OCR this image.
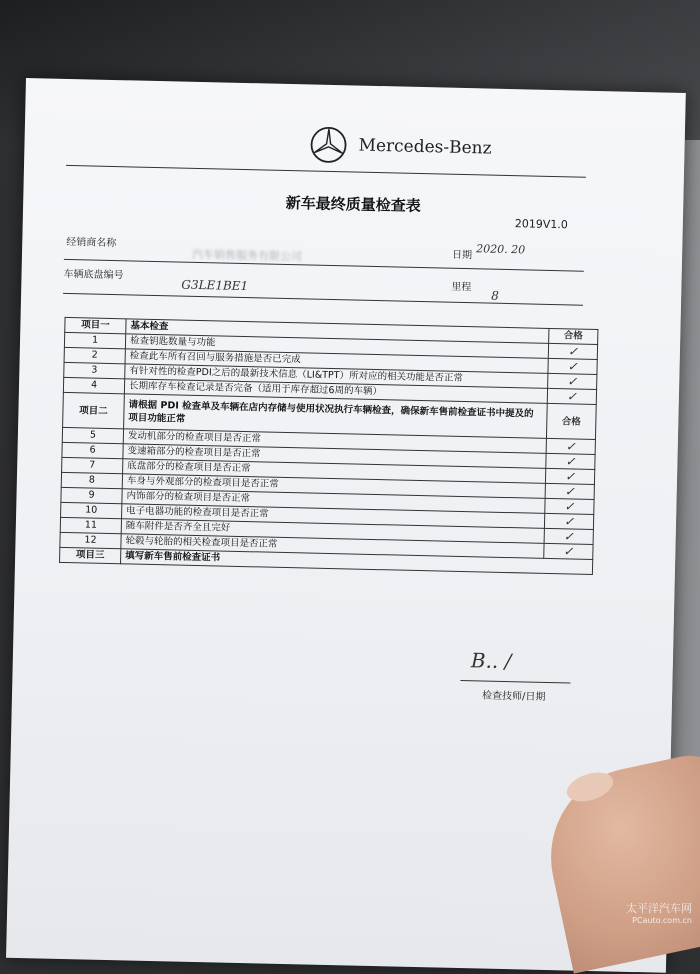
Mercedes-Benz
新车最终质量检查表
2019V1.0
经销商名称
汽车销售服务有限公司	日期 2020. 20
车辆底盘编号
G3LE1BE1	里程
8
项目一	基本检查	合格
1	检查钥匙数量与功能	✓
2	检查此车所有召回与服务措施是否已完成	✓
3	有针对性的检查PDI之后的最新技术信息（LI&TPT）所对应的相关功能是否正常	✓
4	长期库存车检查记录是否完备（适用于库存超过6周的车辆）	✓
项目二	请根据 PDI 检查单及车辆在店内存储与使用状况执行车辆检查，确保新车售前检查证书中提及的项目功能正常	合格
5	发动机部分的检查项目是否正常	✓
6	变速箱部分的检查项目是否正常	✓
7	底盘部分的检查项目是否正常	✓
8	车身与外观部分的检查项目是否正常	✓
9	内饰部分的检查项目是否正常	✓
10	电子电器功能的检查项目是否正常	✓
11	随车附件是否齐全且完好	✓
12	轮毂与轮胎的相关检查项目是否正常	✓
项目三	填写新车售前检查证书	
B.. /
检查技师/日期
太平洋汽车网
PCauto.com.cn
